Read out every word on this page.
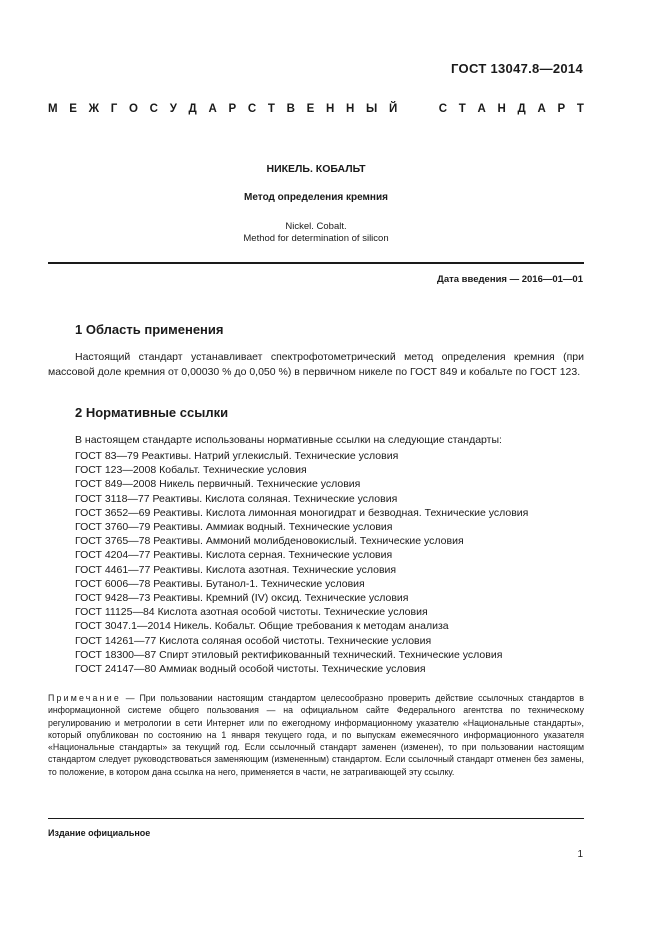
ГОСТ 13047.8—2014
М Е Ж Г О С У Д А Р С Т В Е Н Н Ы Й

	С Т А Н Д А Р Т
НИКЕЛЬ. КОБАЛЬТ
Метод определения кремния
Nickel. Cobalt.
Method for determination of silicon
Дата введения — 2016—01—01
1 Область применения
Настоящий стандарт устанавливает спектрофотометрический метод определения кремния (при массовой доле кремния от 0,00030 % до 0,050 %) в первичном никеле по ГОСТ 849 и кобальте по ГОСТ 123.
2 Нормативные ссылки
В настоящем стандарте использованы нормативные ссылки на следующие стандарты:
ГОСТ 83—79 Реактивы. Натрий углекислый. Технические условия
ГОСТ 123—2008 Кобальт. Технические условия
ГОСТ 849—2008 Никель первичный. Технические условия
ГОСТ 3118—77 Реактивы. Кислота соляная. Технические условия
ГОСТ 3652—69 Реактивы. Кислота лимонная моногидрат и безводная. Технические условия
ГОСТ 3760—79 Реактивы. Аммиак водный. Технические условия
ГОСТ 3765—78 Реактивы. Аммоний молибденовокислый. Технические условия
ГОСТ 4204—77 Реактивы. Кислота серная. Технические условия
ГОСТ 4461—77 Реактивы. Кислота азотная. Технические условия
ГОСТ 6006—78 Реактивы. Бутанол-1. Технические условия
ГОСТ 9428—73 Реактивы. Кремний (IV) оксид. Технические условия
ГОСТ 11125—84 Кислота азотная особой чистоты. Технические условия
ГОСТ 3047.1—2014 Никель. Кобальт. Общие требования к методам анализа
ГОСТ 14261—77 Кислота соляная особой чистоты. Технические условия
ГОСТ 18300—87 Спирт этиловый ректификованный технический. Технические условия
ГОСТ 24147—80 Аммиак водный особой чистоты. Технические условия
Примечание — При пользовании настоящим стандартом целесообразно проверить действие ссылочных стандартов в информационной системе общего пользования — на официальном сайте Федерального агентства по техническому регулированию и метрологии в сети Интернет или по ежегодному информационному указателю «Национальные стандарты», который опубликован по состоянию на 1 января текущего года, и по выпускам ежемесячного информационного указателя «Национальные стандарты» за текущий год. Если ссылочный стандарт заменен (изменен), то при пользовании настоящим стандартом следует руководствоваться заменяющим (измененным) стандартом. Если ссылочный стандарт отменен без замены, то положение, в котором дана ссылка на него, применяется в части, не затрагивающей эту ссылку.
Издание официальное
1
